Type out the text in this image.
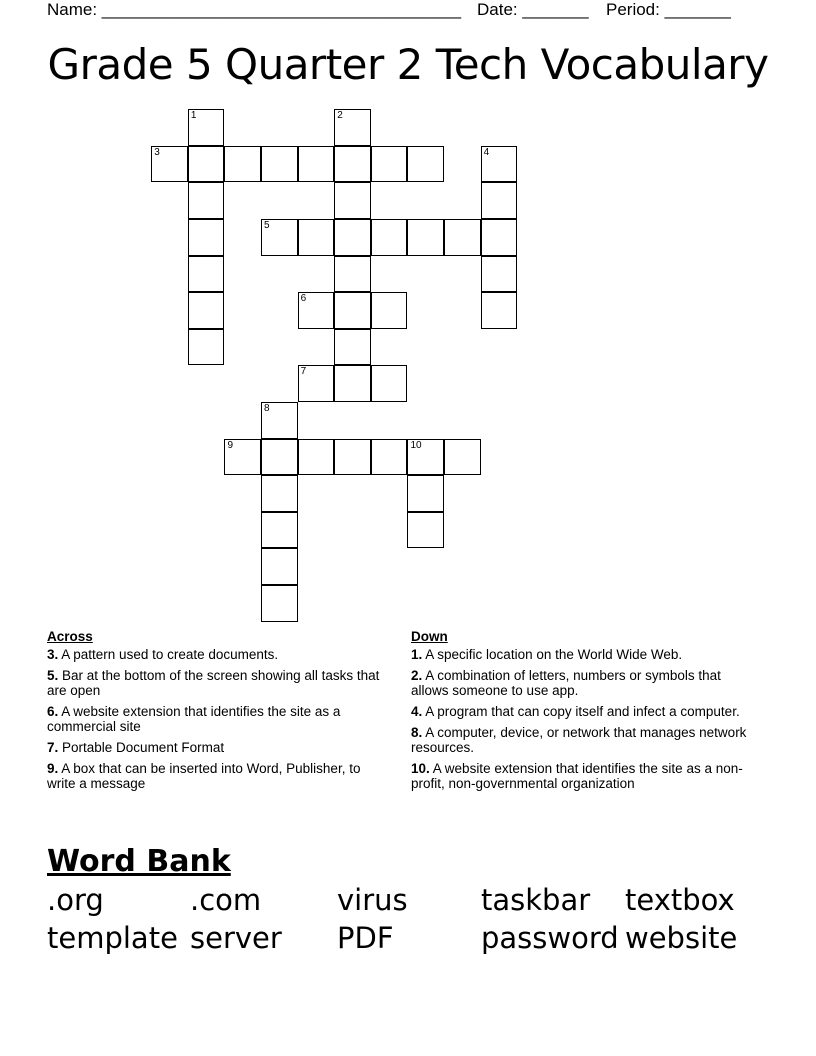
Name: ______________________________________ Date: _______ Period: _______
Grade 5 Quarter 2 Tech Vocabulary
1	2
3	4
5
6
7
8
9	10
Across
3. A pattern used to create documents.
5. Bar at the bottom of the screen showing all tasks that are open
6. A website extension that identifies the site as a commercial site
7. Portable Document Format
9. A box that can be inserted into Word, Publisher, to write a message
Down
1. A specific location on the World Wide Web.
2. A combination of letters, numbers or symbols that allows someone to use app.
4. A program that can copy itself and infect a computer.
8. A computer, device, or network that manages network resources.
10. A website extension that identifies the site as a non-profit, non-governmental organization
Word Bank
.org	.com	virus	taskbar textbox
template server PDF	password website
